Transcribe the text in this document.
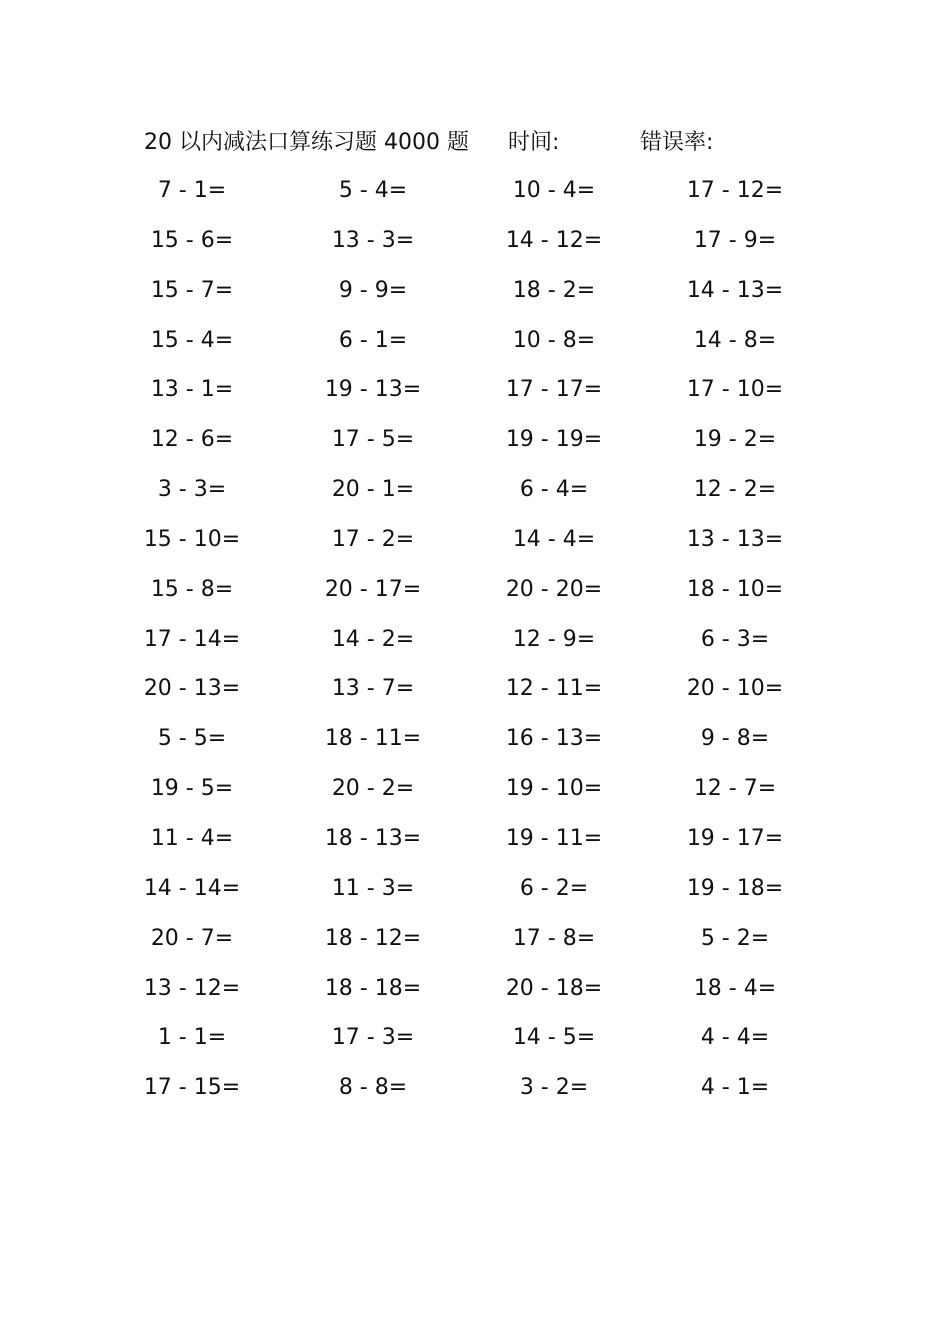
20 以内减法口算练习题 4000 题 时间:	错误率:
7 - 1=	5 - 4=	10 - 4=	17 - 12=
15 - 6=	13 - 3=	14 - 12=	17 - 9=
15 - 7=	9 - 9=	18 - 2=	14 - 13=
15 - 4=	6 - 1=	10 - 8=	14 - 8=
13 - 1=	19 - 13=	17 - 17=	17 - 10=
12 - 6=	17 - 5=	19 - 19=	19 - 2=
3 - 3=	20 - 1=	6 - 4=	12 - 2=
15 - 10=	17 - 2=	14 - 4=	13 - 13=
15 - 8=	20 - 17=	20 - 20=	18 - 10=
17 - 14=	14 - 2=	12 - 9=	6 - 3=
20 - 13=	13 - 7=	12 - 11=	20 - 10=
5 - 5=	18 - 11=	16 - 13=	9 - 8=
19 - 5=	20 - 2=	19 - 10=	12 - 7=
11 - 4=	18 - 13=	19 - 11=	19 - 17=
14 - 14=	11 - 3=	6 - 2=	19 - 18=
20 - 7=	18 - 12=	17 - 8=	5 - 2=
13 - 12=	18 - 18=	20 - 18=	18 - 4=
1 - 1=	17 - 3=	14 - 5=	4 - 4=
17 - 15=	8 - 8=	3 - 2=	4 - 1=
